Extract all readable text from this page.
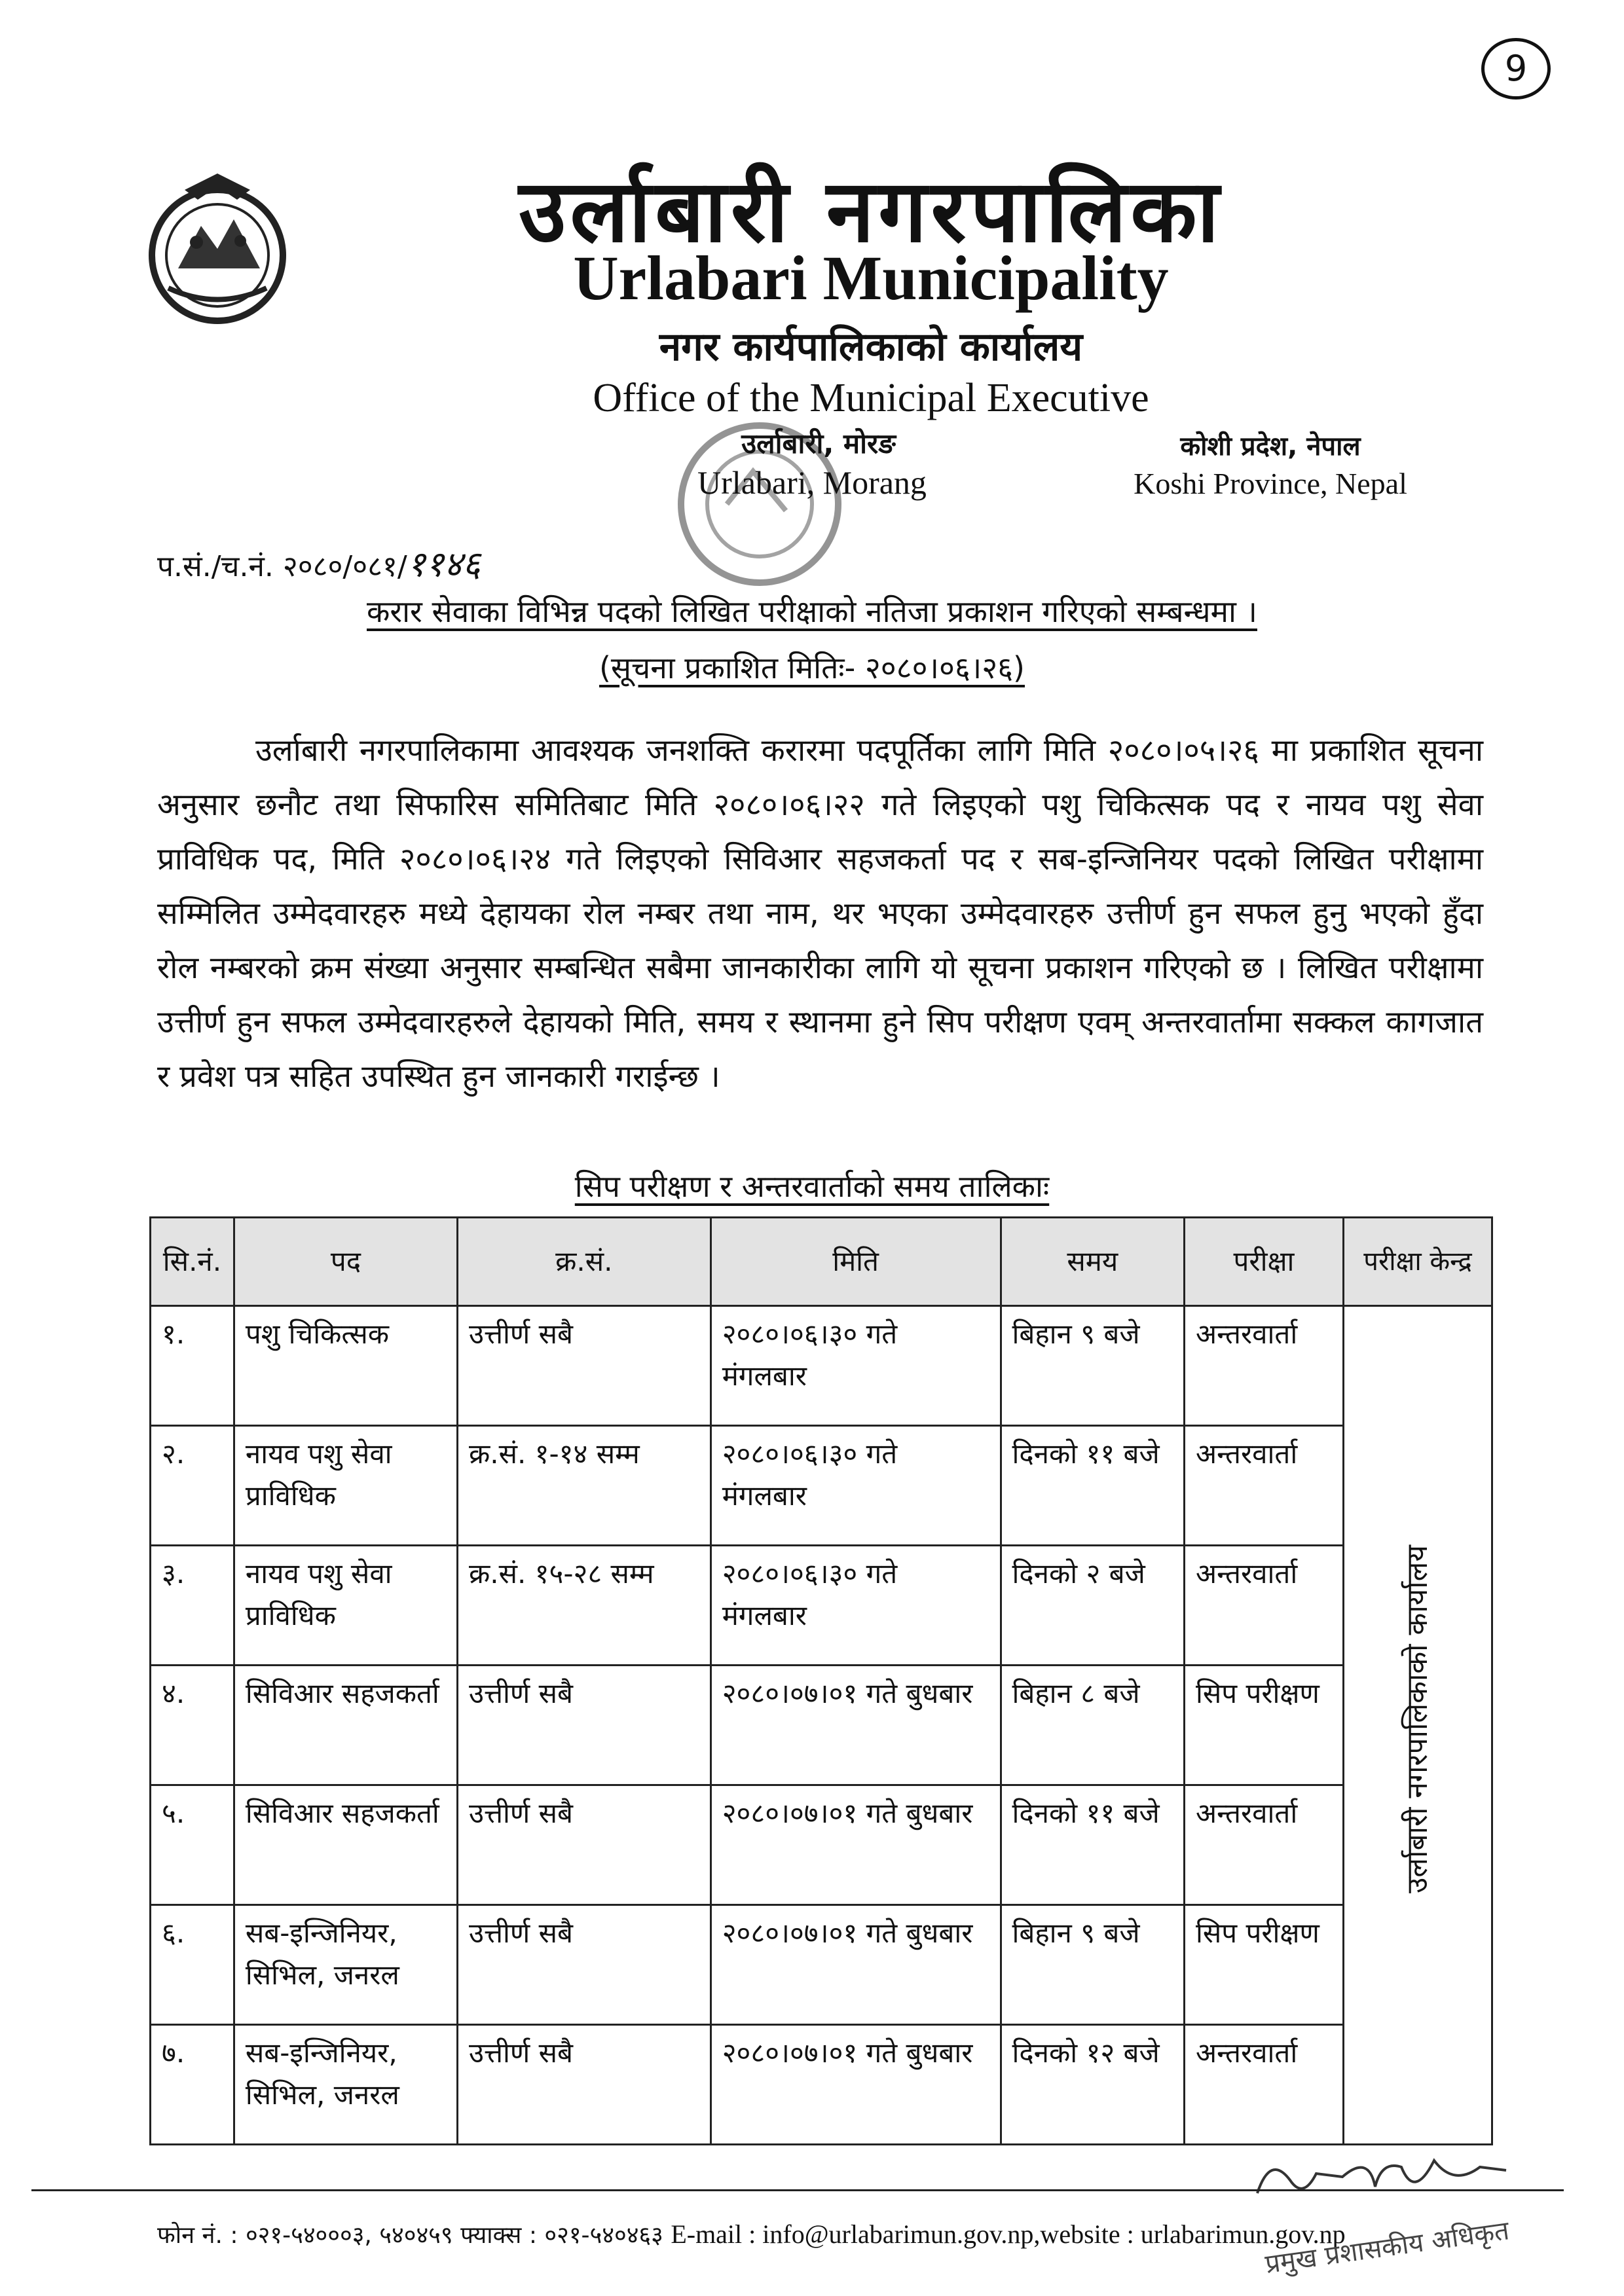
9
उर्लाबारी नगरपालिका
Urlabari Municipality
नगर कार्यपालिकाको कार्यालय
Office of the Municipal Executive
उर्लाबारी, मोरङ
Urlabari, Morang
कोशी प्रदेश, नेपाल
Koshi Province, Nepal
प.सं./च.नं. २०८०/०८१/११४६
करार सेवाका विभिन्न पदको लिखित परीक्षाको नतिजा प्रकाशन गरिएको सम्बन्धमा ।
(सूचना प्रकाशित मितिः- २०८०।०६।२६)
उर्लाबारी नगरपालिकामा आवश्यक जनशक्ति करारमा पदपूर्तिका लागि मिति २०८०।०५।२६ मा प्रकाशित सूचना अनुसार छनौट तथा सिफारिस समितिबाट मिति २०८०।०६।२२ गते लिइएको पशु चिकित्सक पद र नायव पशु सेवा प्राविधिक पद, मिति २०८०।०६।२४ गते लिइएको सिविआर सहजकर्ता पद र सब-इन्जिनियर पदको लिखित परीक्षामा सम्मिलित उम्मेदवारहरु मध्ये देहायका रोल नम्बर तथा नाम, थर भएका उम्मेदवारहरु उत्तीर्ण हुन सफल हुनु भएको हुँदा रोल नम्बरको क्रम संख्या अनुसार सम्बन्धित सबैमा जानकारीका लागि यो सूचना प्रकाशन गरिएको छ । लिखित परीक्षामा उत्तीर्ण हुन सफल उम्मेदवारहरुले देहायको मिति, समय र स्थानमा हुने सिप परीक्षण एवम् अन्तरवार्तामा सक्कल कागजात र प्रवेश पत्र सहित उपस्थित हुन जानकारी गराईन्छ ।
सिप परीक्षण र अन्तरवार्ताको समय तालिकाः
सि.नं.	पद	क्र.सं.	मिति	समय	परीक्षा	परीक्षा केन्द्र
१.	पशु चिकित्सक	उत्तीर्ण सबै	२०८०।०६।३० गते मंगलबार	बिहान ९ बजे	अन्तरवार्ता	उर्लाबारी नगरपालिकाको कार्यालय
२.	नायव पशु सेवा प्राविधिक	क्र.सं. १-१४ सम्म	२०८०।०६।३० गते मंगलबार	दिनको ११ बजे	अन्तरवार्ता	
३.	नायव पशु सेवा प्राविधिक	क्र.सं. १५-२८ सम्म	२०८०।०६।३० गते मंगलबार	दिनको २ बजे	अन्तरवार्ता	
४.	सिविआर सहजकर्ता	उत्तीर्ण सबै	२०८०।०७।०१ गते बुधबार	बिहान ८ बजे	सिप परीक्षण	
५.	सिविआर सहजकर्ता	उत्तीर्ण सबै	२०८०।०७।०१ गते बुधबार	दिनको ११ बजे	अन्तरवार्ता	
६.	सब-इन्जिनियर, सिभिल, जनरल	उत्तीर्ण सबै	२०८०।०७।०१ गते बुधबार	बिहान ९ बजे	सिप परीक्षण	
७.	सब-इन्जिनियर, सिभिल, जनरल	उत्तीर्ण सबै	२०८०।०७।०१ गते बुधबार	दिनको १२ बजे	अन्तरवार्ता	
फोन नं. : ०२१-५४०००३, ५४०४५९ फ्याक्स : ०२१-५४०४६३ E-mail : info@urlabarimun.gov.np,website : urlabarimun.gov.np
प्रमुख प्रशासकीय अधिकृत
